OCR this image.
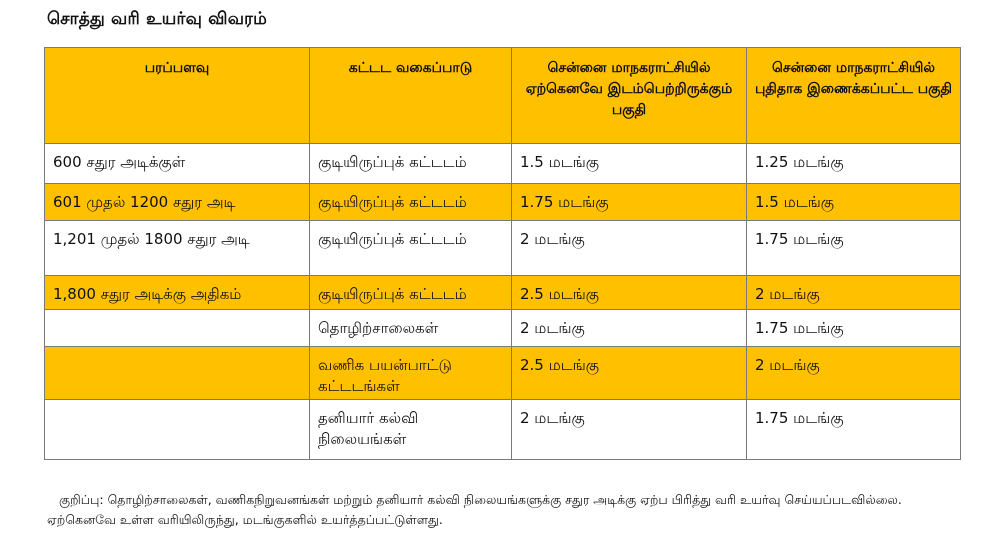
சொத்து வரி உயர்வு விவரம்
பரப்பளவு	கட்டட வகைப்பாடு	சென்னை மாநகராட்சியில் ஏற்கெனவே இடம்பெற்றிருக்கும் பகுதி	சென்னை மாநகராட்சியில் புதிதாக இணைக்கப்பட்ட பகுதி
600 சதுர அடிக்குள்	குடியிருப்புக் கட்டடம்	1.5 மடங்கு	1.25 மடங்கு
601 முதல் 1200 சதுர அடி	குடியிருப்புக் கட்டடம்	1.75 மடங்கு	1.5 மடங்கு
1,201 முதல் 1800 சதுர அடி	குடியிருப்புக் கட்டடம்	2 மடங்கு	1.75 மடங்கு
1,800 சதுர அடிக்கு அதிகம்	குடியிருப்புக் கட்டடம்	2.5 மடங்கு	2 மடங்கு
	தொழிற்சாலைகள்	2 மடங்கு	1.75 மடங்கு
	வணிக பயன்பாட்டு கட்டடங்கள்	2.5 மடங்கு	2 மடங்கு
	தனியார் கல்வி நிலையங்கள்	2 மடங்கு	1.75 மடங்கு
குறிப்பு: தொழிற்சாலைகள், வணிகநிறுவனங்கள் மற்றும் தனியார் கல்வி நிலையங்களுக்கு சதுர அடிக்கு ஏற்ப பிரித்து வரி உயர்வு செய்யப்படவில்லை. ஏற்கெனவே உள்ள வரியிலிருந்து, மடங்குகளில் உயர்த்தப்பட்டுள்ளது.
